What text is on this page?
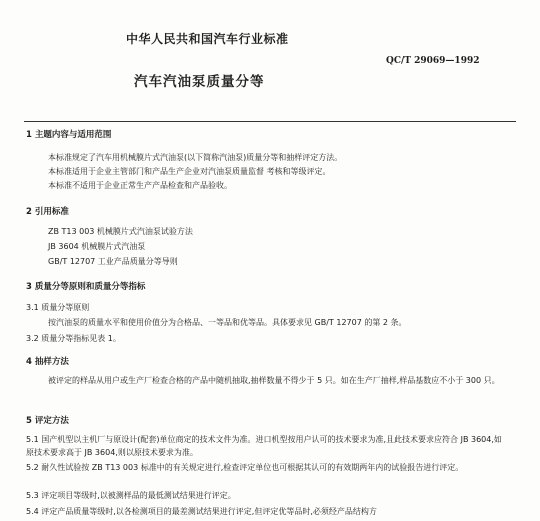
中华人民共和国汽车行业标准
QC/T 29069—1992
汽车汽油泵质量分等
1 主题内容与适用范围
本标准规定了汽车用机械膜片式汽油泵(以下简称汽油泵)质量分等和抽样评定方法。
本标准适用于企业主管部门和产品生产企业对汽油泵质量监督 考核和等级评定。
本标准不适用于企业正常生产产品检查和产品验收。
2 引用标准
ZB T13 003 机械膜片式汽油泵试验方法
JB 3604 机械膜片式汽油泵
GB/T 12707 工业产品质量分等导则
3 质量分等原则和质量分等指标
3.1 质量分等原则
按汽油泵的质量水平和使用价值分为合格品、一等品和优等品。具体要求见 GB/T 12707 的第 2 条。
3.2 质量分等指标见表 1。
4 抽样方法
被评定的样品从用户或生产厂检查合格的产品中随机抽取,抽样数量不得少于 5 只。如在生产厂抽样,样品基数应不小于 300 只。
5 评定方法
5.1 国产机型以主机厂与原设计(配套)单位商定的技术文件为准。进口机型按用户认可的技术要求为准,且此技术要求应符合 JB 3604,如原技术要求高于 JB 3604,则以原技术要求为准。
5.2 耐久性试验按 ZB T13 003 标准中的有关规定进行,检查评定单位也可根据其认可的有效期两年内的试验报告进行评定。
5.3 评定项目等级时,以被测样品的最低测试结果进行评定。
5.4 评定产品质量等级时,以各检测项目的最差测试结果进行评定,但评定优等品时,必须经产品结构方
